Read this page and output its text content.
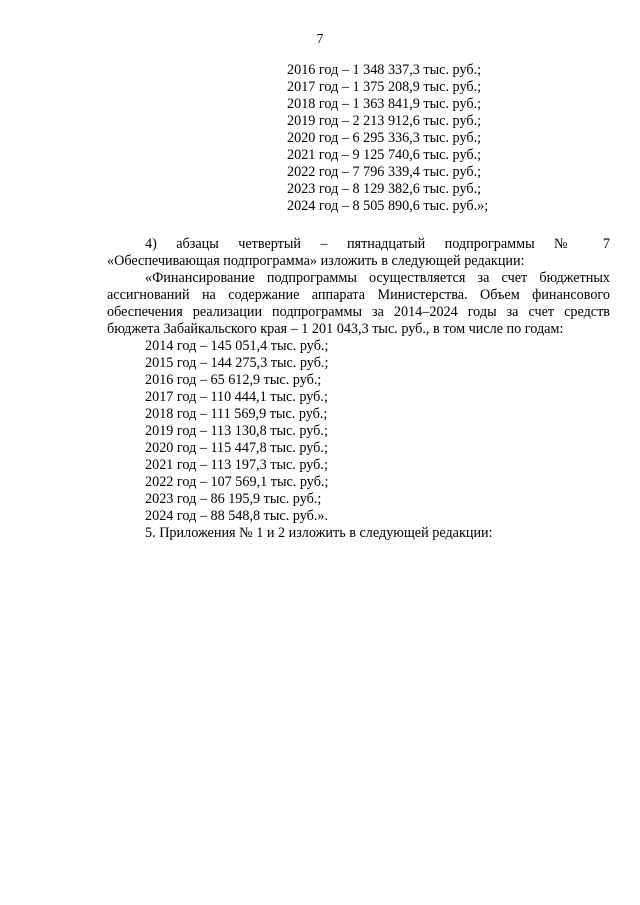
7
2016 год – 1 348 337,3 тыс. руб.;
2017 год – 1 375 208,9 тыс. руб.;
2018 год – 1 363 841,9 тыс. руб.;
2019 год – 2 213 912,6 тыс. руб.;
2020 год – 6 295 336,3 тыс. руб.;
2021 год – 9 125 740,6 тыс. руб.;
2022 год – 7 796 339,4 тыс. руб.;
2023 год – 8 129 382,6 тыс. руб.;
2024 год – 8 505 890,6 тыс. руб.»;
4) абзацы четвертый – пятнадцатый подпрограммы № 7
«Обеспечивающая подпрограмма» изложить в следующей редакции:
«Финансирование подпрограммы осуществляется за счет бюджетных
ассигнований на содержание аппарата Министерства. Объем финансового
обеспечения реализации подпрограммы за 2014–2024 годы за счет средств
бюджета Забайкальского края – 1 201 043,3 тыс. руб., в том числе по годам:
2014 год – 145 051,4 тыс. руб.;
2015 год – 144 275,3 тыс. руб.;
2016 год – 65 612,9 тыс. руб.;
2017 год – 110 444,1 тыс. руб.;
2018 год – 111 569,9 тыс. руб.;
2019 год – 113 130,8 тыс. руб.;
2020 год – 115 447,8 тыс. руб.;
2021 год – 113 197,3 тыс. руб.;
2022 год – 107 569,1 тыс. руб.;
2023 год – 86 195,9 тыс. руб.;
2024 год – 88 548,8 тыс. руб.».
5. Приложения № 1 и 2 изложить в следующей редакции:
